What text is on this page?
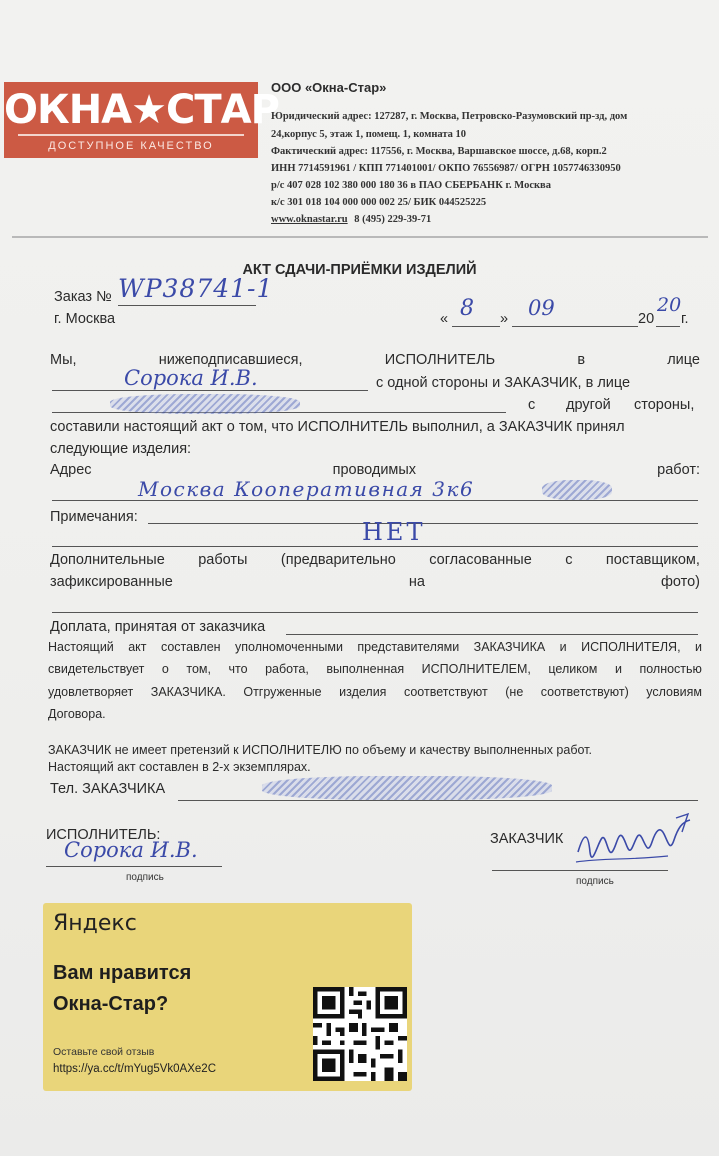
ОКНА★СТАР
ДОСТУПНОЕ КАЧЕСТВО
ООО «Окна-Стар»
Юридический адрес: 127287, г. Москва, Петровско-Разумовский пр-зд, дом
24,корпус 5, этаж 1, помещ. 1, комната 10
Фактический адрес: 117556, г. Москва, Варшавское шоссе, д.68, корп.2
ИНН 7714591961 / КПП 771401001/ ОКПО 76556987/ ОГРН 1057746330950
р/с 407 028 102 380 000 180 36 в ПАО СБЕРБАНК г. Москва
к/с 301 018 104 000 000 002 25/ БИК 044525225
www.oknastar.ru 8 (495) 229-39-71
АКТ СДАЧИ-ПРИЁМКИ ИЗДЕЛИЙ
Заказ № WP38741-1
г. Москва	« 8 » 09	20
20
г.
Мы,	нижеподписавшиеся,	ИСПОЛНИТЕЛЬ	в	лице
Сорока И.В.	с одной стороны и ЗАКАЗЧИК, в лице
с другой стороны,
составили настоящий акт о том, что ИСПОЛНИТЕЛЬ выполнил, а ЗАКАЗЧИК принял
следующие изделия:
Адрес	проводимых	работ:
Москва Кооперативная 3к6
Примечания:
НЕТ
Дополнительные работы (предварительно согласованные с поставщиком,
зафиксированные	на	фото)
Доплата, принятая от заказчика
Настоящий акт составлен уполномоченными представителями ЗАКАЗЧИКА и ИСПОЛНИТЕЛЯ, и
свидетельствует о том, что работа, выполненная ИСПОЛНИТЕЛЕМ, целиком и полностью
удовлетворяет ЗАКАЗЧИКА. Отгруженные изделия соответствуют (не соответствуют) условиям
Договора.
ЗАКАЗЧИК не имеет претензий к ИСПОЛНИТЕЛЮ по объему и качеству выполненных работ.
Настоящий акт составлен в 2-х экземплярах.
Тел. ЗАКАЗЧИКА
ИСПОЛНИТЕЛЬ:
Сорока И.В.
подпись
ЗАКАЗЧИК
подпись
Яндекс
Вам нравится
Окна-Стар?
Оставьте свой отзыв
https://ya.cc/t/mYug5Vk0AXe2C
